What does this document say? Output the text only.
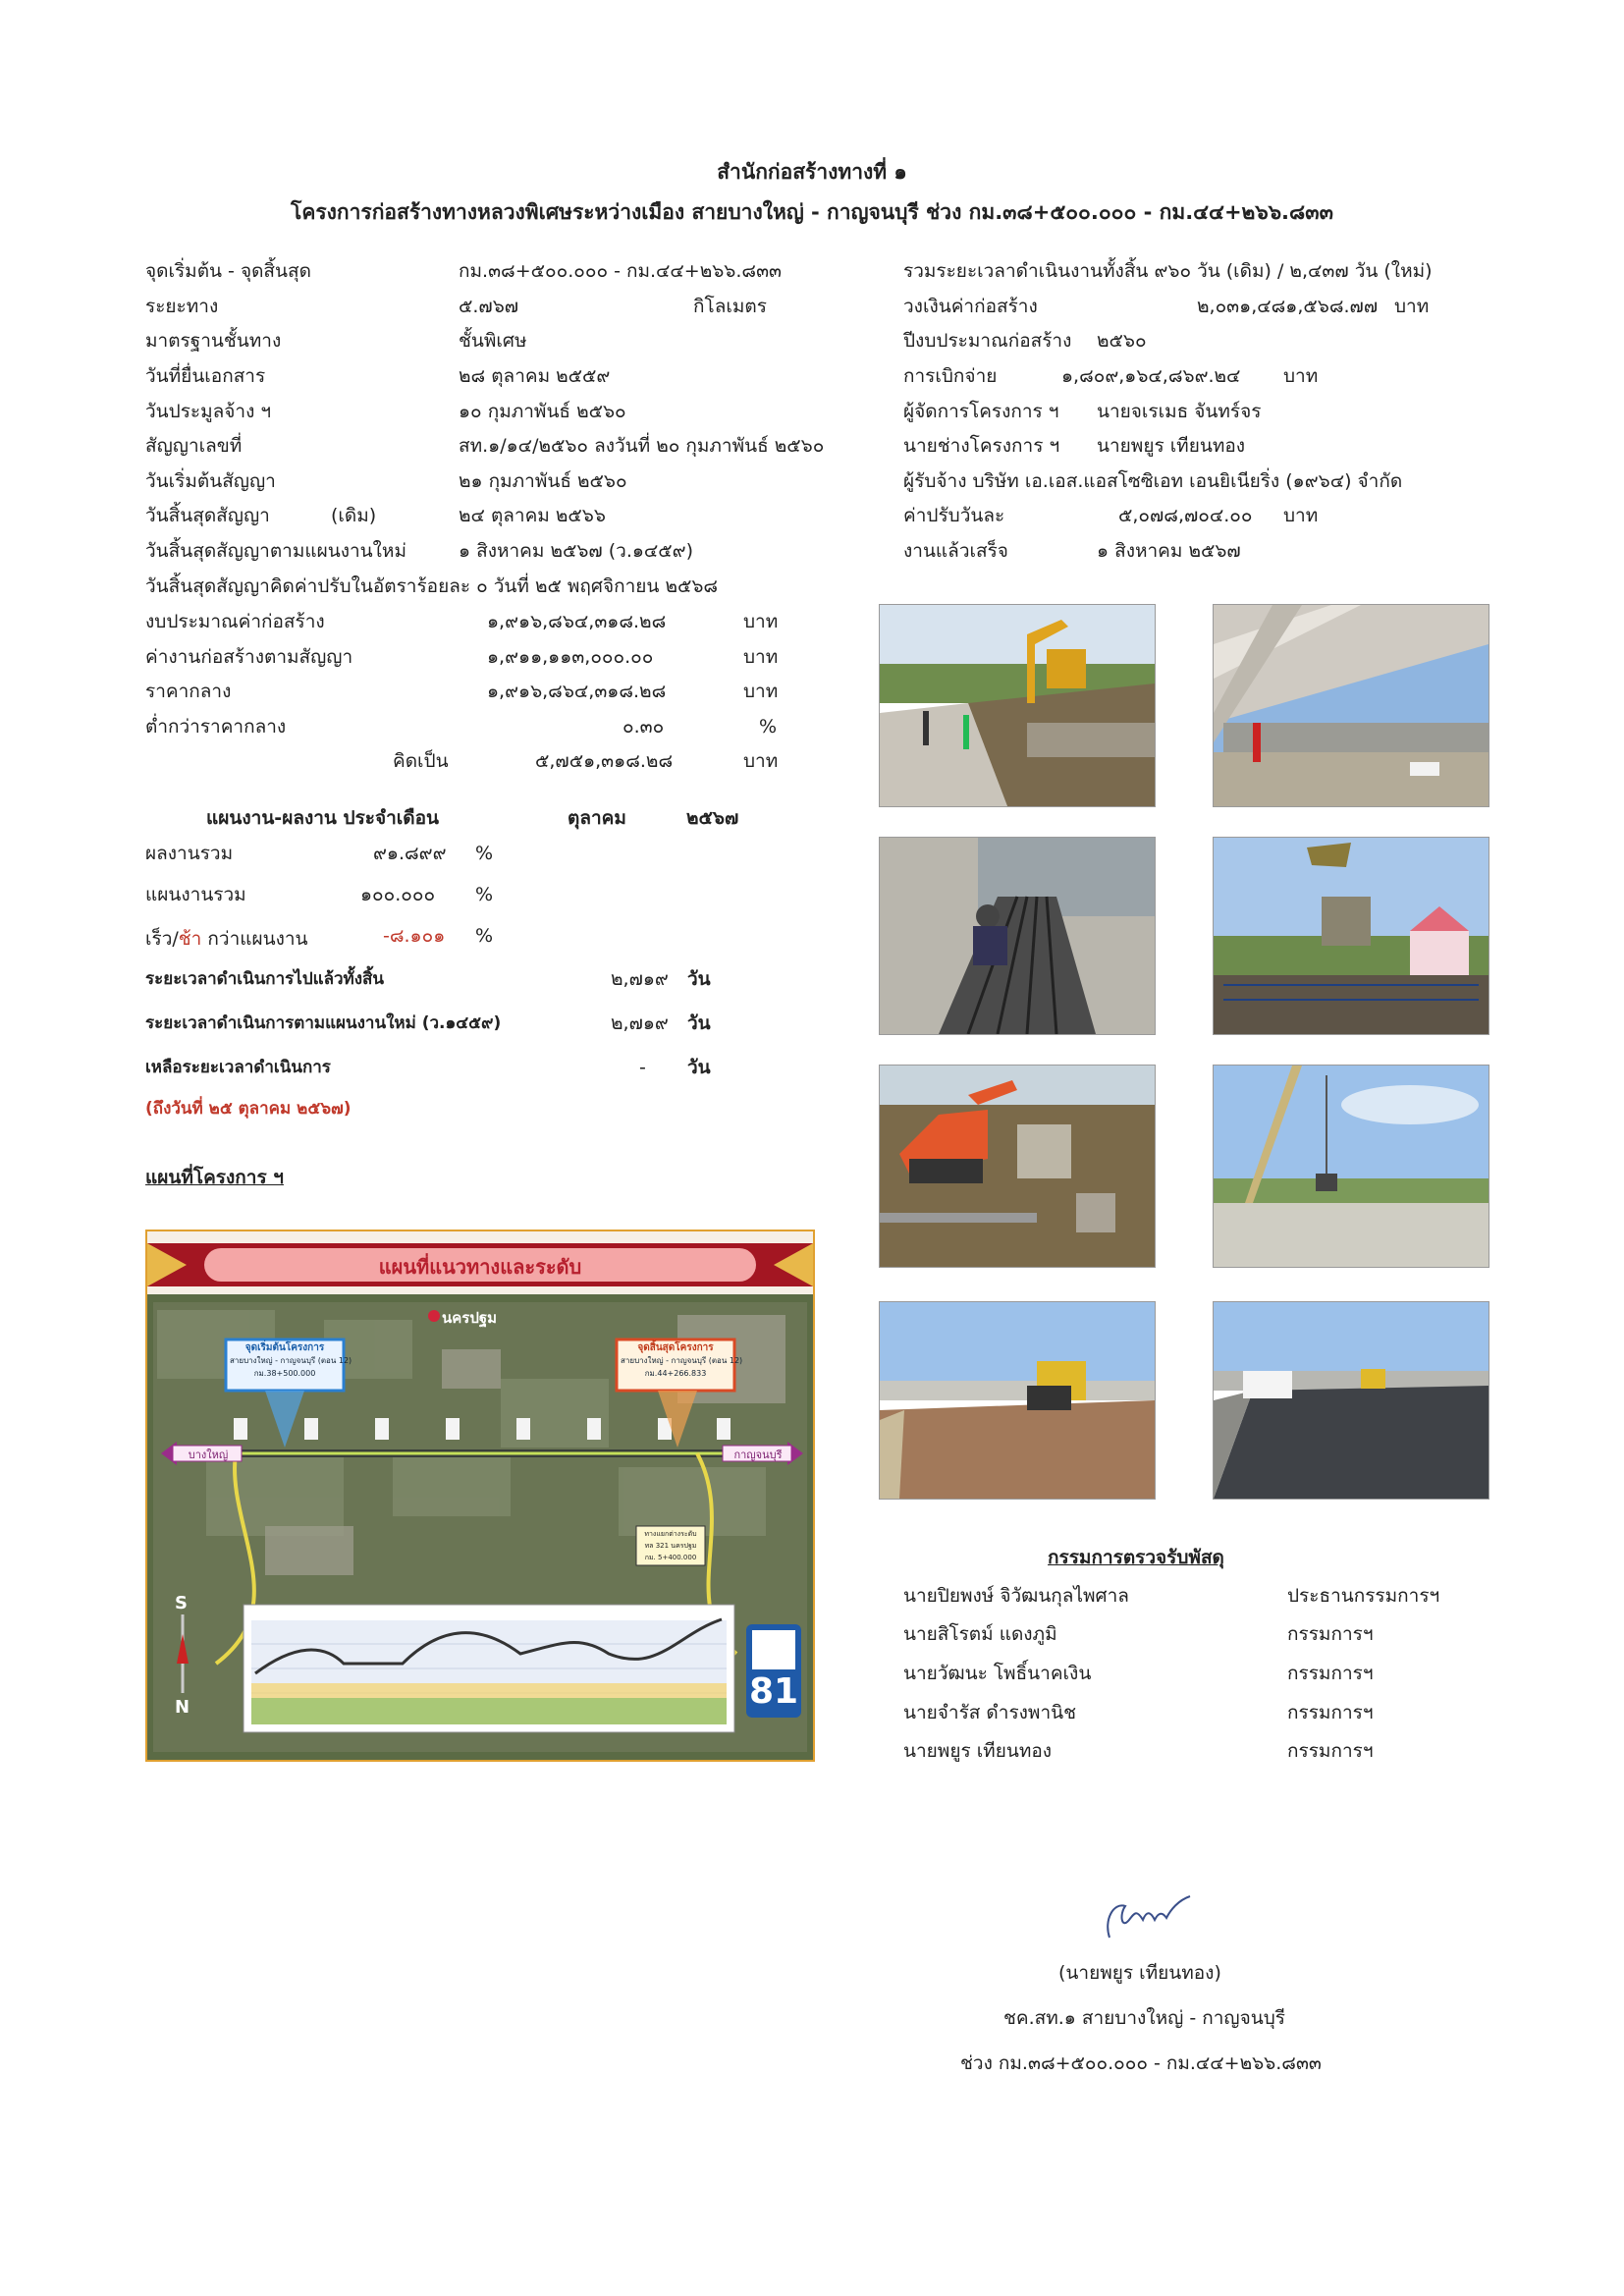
สำนักก่อสร้างทางที่ ๑
โครงการก่อสร้างทางหลวงพิเศษระหว่างเมือง สายบางใหญ่ - กาญจนบุรี ช่วง กม.๓๘+๕๐๐.๐๐๐ - กม.๔๔+๒๖๖.๘๓๓
จุดเริ่มต้น - จุดสิ้นสุด	กม.๓๘+๕๐๐.๐๐๐ - กม.๔๔+๒๖๖.๘๓๓
ระยะทาง	๕.๗๖๗	กิโลเมตร
มาตรฐานชั้นทาง	ชั้นพิเศษ
วันที่ยื่นเอกสาร	๒๘ ตุลาคม ๒๕๕๙
วันประมูลจ้าง ฯ	๑๐ กุมภาพันธ์ ๒๕๖๐
สัญญาเลขที่	สท.๑/๑๔/๒๕๖๐ ลงวันที่ ๒๐ กุมภาพันธ์ ๒๕๖๐
วันเริ่มต้นสัญญา	๒๑ กุมภาพันธ์ ๒๕๖๐
วันสิ้นสุดสัญญา	(เดิม)	๒๔ ตุลาคม ๒๕๖๖
วันสิ้นสุดสัญญาตามแผนงานใหม่	๑ สิงหาคม ๒๕๖๗ (ว.๑๔๕๙)
วันสิ้นสุดสัญญาคิดค่าปรับในอัตราร้อยละ ๐ วันที่ ๒๕ พฤศจิกายน ๒๕๖๘
งบประมาณค่าก่อสร้าง	๑,๙๑๖,๘๖๔,๓๑๘.๒๘	บาท
ค่างานก่อสร้างตามสัญญา	๑,๙๑๑,๑๑๓,๐๐๐.๐๐	บาท
ราคากลาง	๑,๙๑๖,๘๖๔,๓๑๘.๒๘	บาท
ต่ำกว่าราคากลาง	๐.๓๐	%
คิดเป็น	๕,๗๕๑,๓๑๘.๒๘	บาท
แผนงาน-ผลงาน ประจำเดือน	ตุลาคม	๒๕๖๗
ผลงานรวม	๙๑.๘๙๙ %
แผนงานรวม	๑๐๐.๐๐๐ %
เร็ว/ช้า กว่าแผนงาน	-๘.๑๐๑ %
ระยะเวลาดำเนินการไปแล้วทั้งสิ้น	๒,๗๑๙ วัน
ระยะเวลาดำเนินการตามแผนงานใหม่ (ว.๑๔๕๙)	๒,๗๑๙ วัน
เหลือระยะเวลาดำเนินการ	- วัน
(ถึงวันที่ ๒๕ ตุลาคม ๒๕๖๗)
แผนที่โครงการ ฯ
รวมระยะเวลาดำเนินงานทั้งสิ้น ๙๖๐ วัน (เดิม) / ๒,๔๓๗ วัน (ใหม่)
วงเงินค่าก่อสร้าง	๒,๐๓๑,๔๘๑,๕๖๘.๗๗ บาท
ปีงบประมาณก่อสร้าง ๒๕๖๐
การเบิกจ่าย	๑,๘๐๙,๑๖๔,๘๖๙.๒๔ บาท
ผู้จัดการโครงการ ฯ นายจเรเมธ จันทร์จร
นายช่างโครงการ ฯ นายพยูร เทียนทอง
ผู้รับจ้าง บริษัท เอ.เอส.แอสโซซิเอท เอนยิเนียริ่ง (๑๙๖๔) จำกัด
ค่าปรับวันละ	๕,๐๗๘,๗๐๔.๐๐ บาท
งานแล้วเสร็จ	๑ สิงหาคม ๒๕๖๗
แผนที่แนวทางและระดับ
นครปฐม
จุดเริ่มต้นโครงการ
สายบางใหญ่ - กาญจนบุรี (ตอน 12)
กม.38+500.000
จุดสิ้นสุดโครงการ
สายบางใหญ่ - กาญจนบุรี (ตอน 12)
กม.44+266.833
บางใหญ่	กาญจนบุรี
ทางแยกต่างระดับ
ทล 321 นครปฐม
กม. 5+400.000
S
N	81
กรรมการตรวจรับพัสดุ
นายปิยพงษ์ จิวัฒนกุลไพศาล	ประธานกรรมการฯ
นายสิโรตม์ แดงภูมิ	กรรมการฯ
นายวัฒนะ โพธิ์นาคเงิน	กรรมการฯ
นายจำรัส ดำรงพานิช	กรรมการฯ
นายพยูร เทียนทอง	กรรมการฯ
(นายพยูร เทียนทอง)
ชค.สท.๑ สายบางใหญ่ - กาญจนบุรี
ช่วง กม.๓๘+๕๐๐.๐๐๐ - กม.๔๔+๒๖๖.๘๓๓
